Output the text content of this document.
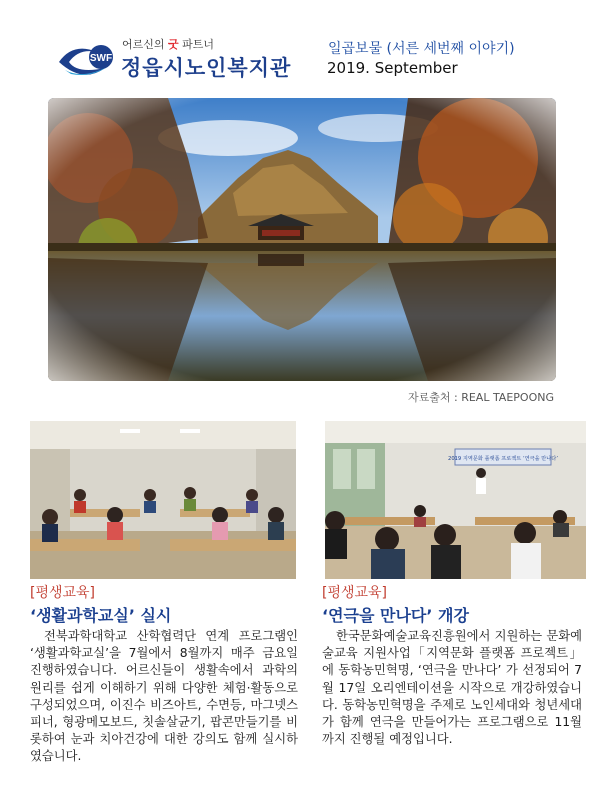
SWF
어르신의 굿 파트너
정읍시노인복지관
일곱보물 (서른 세번째 이야기)
2019. September
자료출처 : REAL TAEPOONG
2019 지역문화 플랫폼 프로젝트 ‘연극을 만나다’
[평생교육]
‘생활과학교실’ 실시
전북과학대학교 산학협력단 연계 프로그램인 ‘생활과학교실’을 7월에서 8월까지 매주 금요일 진행하였습니다. 어르신들이 생활속에서 과학의 원리를 쉽게 이해하기 위해 다양한 체험·활동으로 구성되었으며, 이진수 비즈아트, 수면등, 마그넷스피너, 형광메모보드, 칫솔살균기, 팝콘만들기를 비롯하여 눈과 치아건강에 대한 강의도 함께 실시하였습니다.
[평생교육]
‘연극을 만나다’ 개강
한국문화예술교육진흥원에서 지원하는 문화예술교육 지원사업「지역문화 플랫폼 프로젝트」에 동학농민혁명, ‘연극을 만나다’ 가 선정되어 7월 17일 오리엔테이션을 시작으로 개강하였습니다. 동학농민혁명을 주제로 노인세대와 청년세대가 함께 연극을 만들어가는 프로그램으로 11월까지 진행될 예정입니다.
